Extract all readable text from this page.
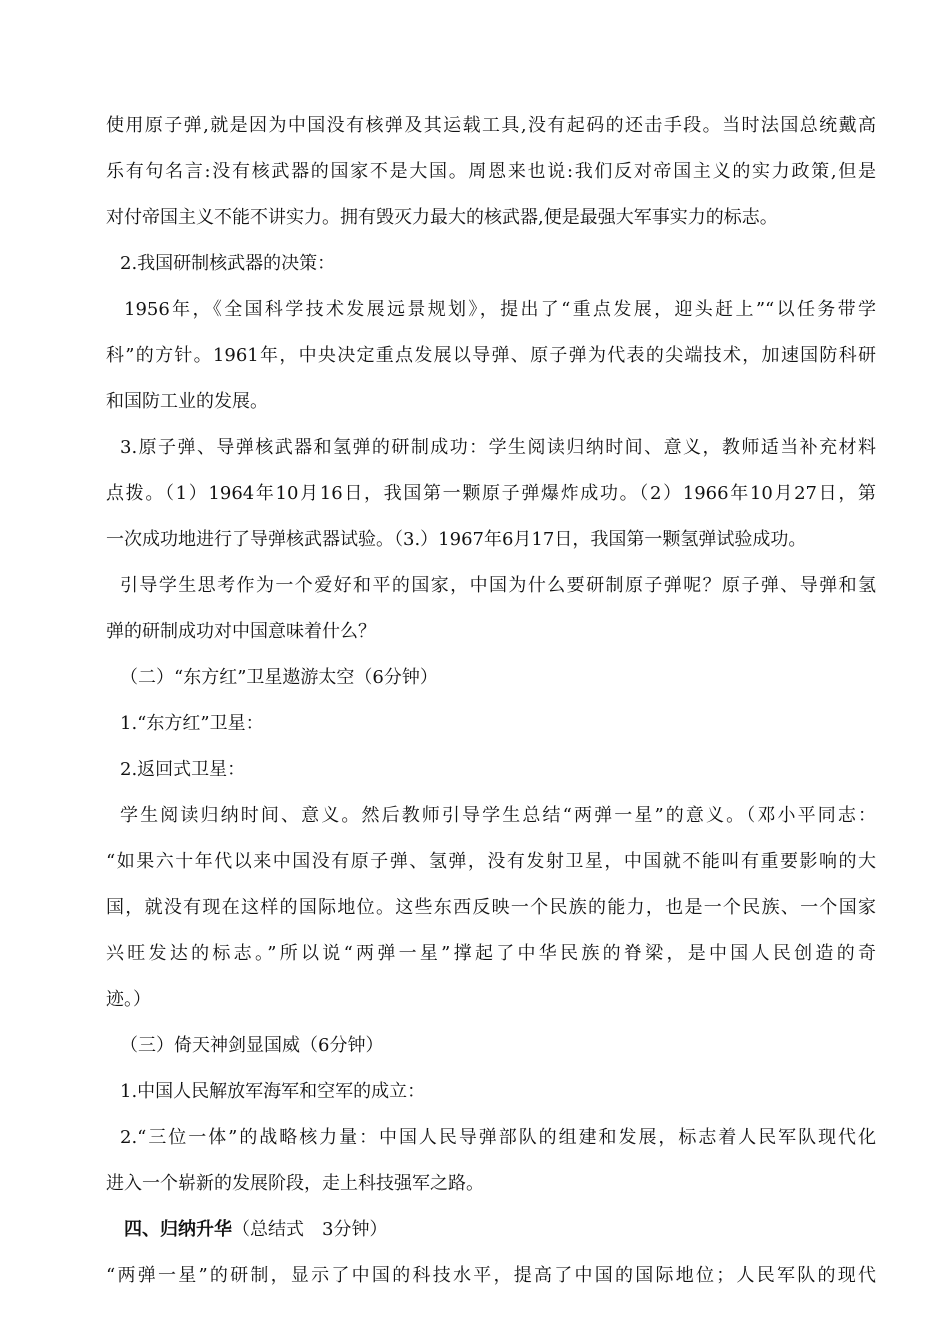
使用原子弹,就是因为中国没有核弹及其运载工具,没有起码的还击手段。当时法国总统戴高
乐有句名言:没有核武器的国家不是大国。周恩来也说:我们反对帝国主义的实力政策,但是
对付帝国主义不能不讲实力。拥有毁灭力最大的核武器,便是最强大军事实力的标志。
2.我国研制核武器的决策：
1956年，《全国科学技术发展远景规划》，提出了“重点发展，迎头赶上”“以任务带学
科”的方针。1961年，中央决定重点发展以导弹、原子弹为代表的尖端技术，加速国防科研
和国防工业的发展。
3.原子弹、导弹核武器和氢弹的研制成功：学生阅读归纳时间、意义，教师适当补充材料
点拨。（1）1964年10月16日，我国第一颗原子弹爆炸成功。（2）1966年10月27日，第
一次成功地进行了导弹核武器试验。（3.）1967年6月17日，我国第一颗氢弹试验成功。
引导学生思考作为一个爱好和平的国家，中国为什么要研制原子弹呢？原子弹、导弹和氢
弹的研制成功对中国意味着什么？
（二）“东方红”卫星遨游太空（6分钟）
1.“东方红”卫星：
2.返回式卫星：
学生阅读归纳时间、意义。然后教师引导学生总结“两弹一星”的意义。（邓小平同志：
“如果六十年代以来中国没有原子弹、氢弹，没有发射卫星，中国就不能叫有重要影响的大
国，就没有现在这样的国际地位。这些东西反映一个民族的能力，也是一个民族、一个国家
兴旺发达的标志。”所以说“两弹一星”撑起了中华民族的脊梁，是中国人民创造的奇
迹。）
（三）倚天神剑显国威（6分钟）
1.中国人民解放军海军和空军的成立：
2.“三位一体”的战略核力量：中国人民导弹部队的组建和发展，标志着人民军队现代化
进入一个崭新的发展阶段，走上科技强军之路。
四、归纳升华（总结式　3分钟）
“两弹一星”的研制，显示了中国的科技水平，提高了中国的国际地位；人民军队的现代
